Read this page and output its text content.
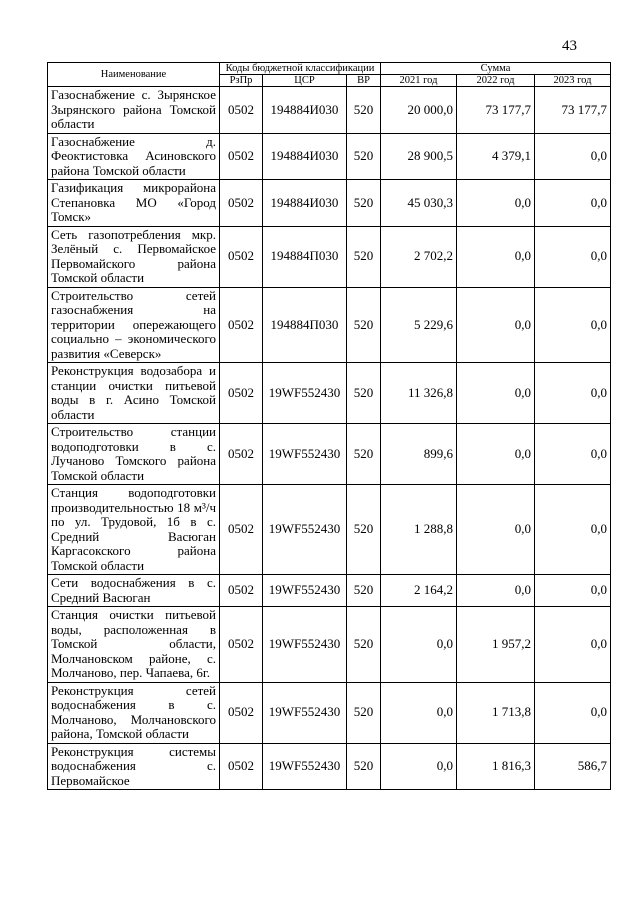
43
Наименование	Коды бюджетной классификации			Сумма		
	РзПр	ЦСР	ВР	2021 год	2022 год	2023 год
Газоснабжение с. Зырянское Зырянского района Томской области	0502	194884И030	520	20 000,0	73 177,7	73 177,7
Газоснабжение д. Феоктистовка Асиновского района Томской области	0502	194884И030	520	28 900,5	4 379,1	0,0
Газификация микрорайона Степановка МО «Город Томск»	0502	194884И030	520	45 030,3	0,0	0,0
Сеть газопотребления мкр. Зелёный с. Первомайское Первомайского района Томской области	0502	194884П030	520	2 702,2	0,0	0,0
Строительство сетей газоснабжения на территории опережающего социально – экономического развития «Северск»	0502	194884П030	520	5 229,6	0,0	0,0
Реконструкция водозабора и станции очистки питьевой воды в г. Асино Томской области	0502	19WF552430	520	11 326,8	0,0	0,0
Строительство станции водоподготовки в с. Лучаново Томского района Томской области	0502	19WF552430	520	899,6	0,0	0,0
Станция водоподготовки производительностью 18 м³/ч по ул. Трудовой, 1б в с. Средний Васюган Каргасокского района Томской области	0502	19WF552430	520	1 288,8	0,0	0,0
Сети водоснабжения в с. Средний Васюган	0502	19WF552430	520	2 164,2	0,0	0,0
Станция очистки питьевой воды, расположенная в Томской области, Молчановском районе, с. Молчаново, пер. Чапаева, 6г.	0502	19WF552430	520	0,0	1 957,2	0,0
Реконструкция сетей водоснабжения в с. Молчаново, Молчановского района, Томской области	0502	19WF552430	520	0,0	1 713,8	0,0
Реконструкция системы водоснабжения с. Первомайское	0502	19WF552430	520	0,0	1 816,3	586,7
